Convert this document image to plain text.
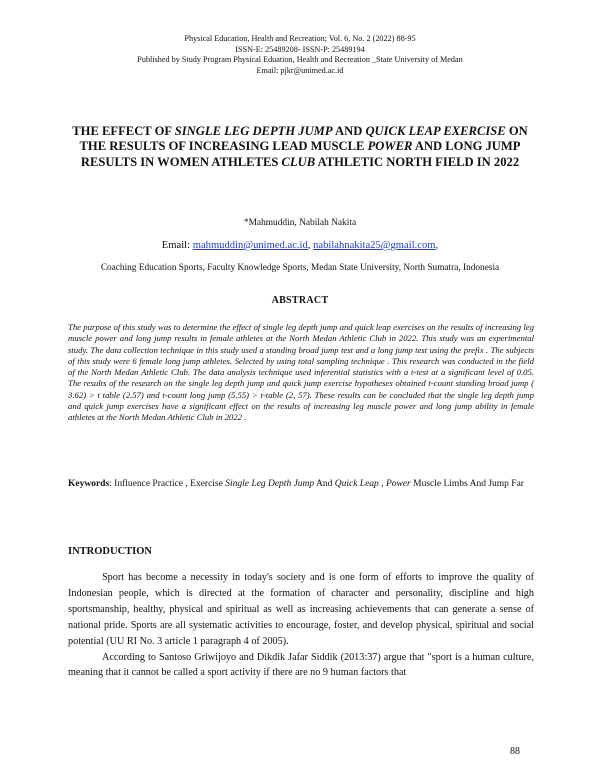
Physical Education, Health and Recreation; Vol. 6, No. 2 (2022) 88-95
ISSN-E: 25489208- ISSN-P: 25489194
Published by Study Program Physical Eduation, Health and Recreation _State University of Medan
Email: pjkr@unimed.ac.id
THE EFFECT OF SINGLE LEG DEPTH JUMP AND QUICK LEAP EXERCISE ON THE RESULTS OF INCREASING LEAD MUSCLE POWER AND LONG JUMP RESULTS IN WOMEN ATHLETES CLUB ATHLETIC NORTH FIELD IN 2022
*Mahmuddin, Nabilah Nakita
Email: mahmuddin@unimed.ac.id, nabilahnakita25@gmail.com,
Coaching Education Sports, Faculty Knowledge Sports, Medan State University, North Sumatra, Indonesia
ABSTRACT
The purpose of this study was to determine the effect of single leg depth jump and quick leap exercises on the results of increasing leg muscle power and long jump results in female athletes at the North Medan Athletic Club in 2022. This study was an experimental study. The data collection technique in this study used a standing broad jump test and a long jump test using the prefix . The subjects of this study were 6 female long jump athletes. Selected by using total sampling technique . This research was conducted in the field of the North Medan Athletic Club. The data analysis technique used inferential statistics with a t-test at a significant level of 0.05. The results of the research on the single leg depth jump and quick jump exercise hypotheses obtained t-count standing broad jump ( 3.62) > t table (2.57) and t-count long jump (5.55) > t-table (2, 57). These results can be concluded that the single leg depth jump and quick jump exercises have a significant effect on the results of increasing leg muscle power and long jump ability in female athletes at the North Medan Athletic Club in 2022 .
Keywords: Influence Practice , Exercise Single Leg Depth Jump And Quick Leap , Power Muscle Limbs And Jump Far
INTRODUCTION

Sport has become a necessity in today's society and is one form of efforts to improve the quality of Indonesian people, which is directed at the formation of character and personality, discipline and high sportsmanship, healthy, physical and spiritual as well as increasing achievements that can generate a sense of national pride. Sports are all systematic activities to encourage, foster, and develop physical, spiritual and social potential (UU RI No. 3 article 1 paragraph 4 of 2005).

According to Santoso Griwijoyo and Dikdik Jafar Siddik (2013:37) argue that "sport is a human culture, meaning that it cannot be called a sport activity if there are no 9 human factors that

88
